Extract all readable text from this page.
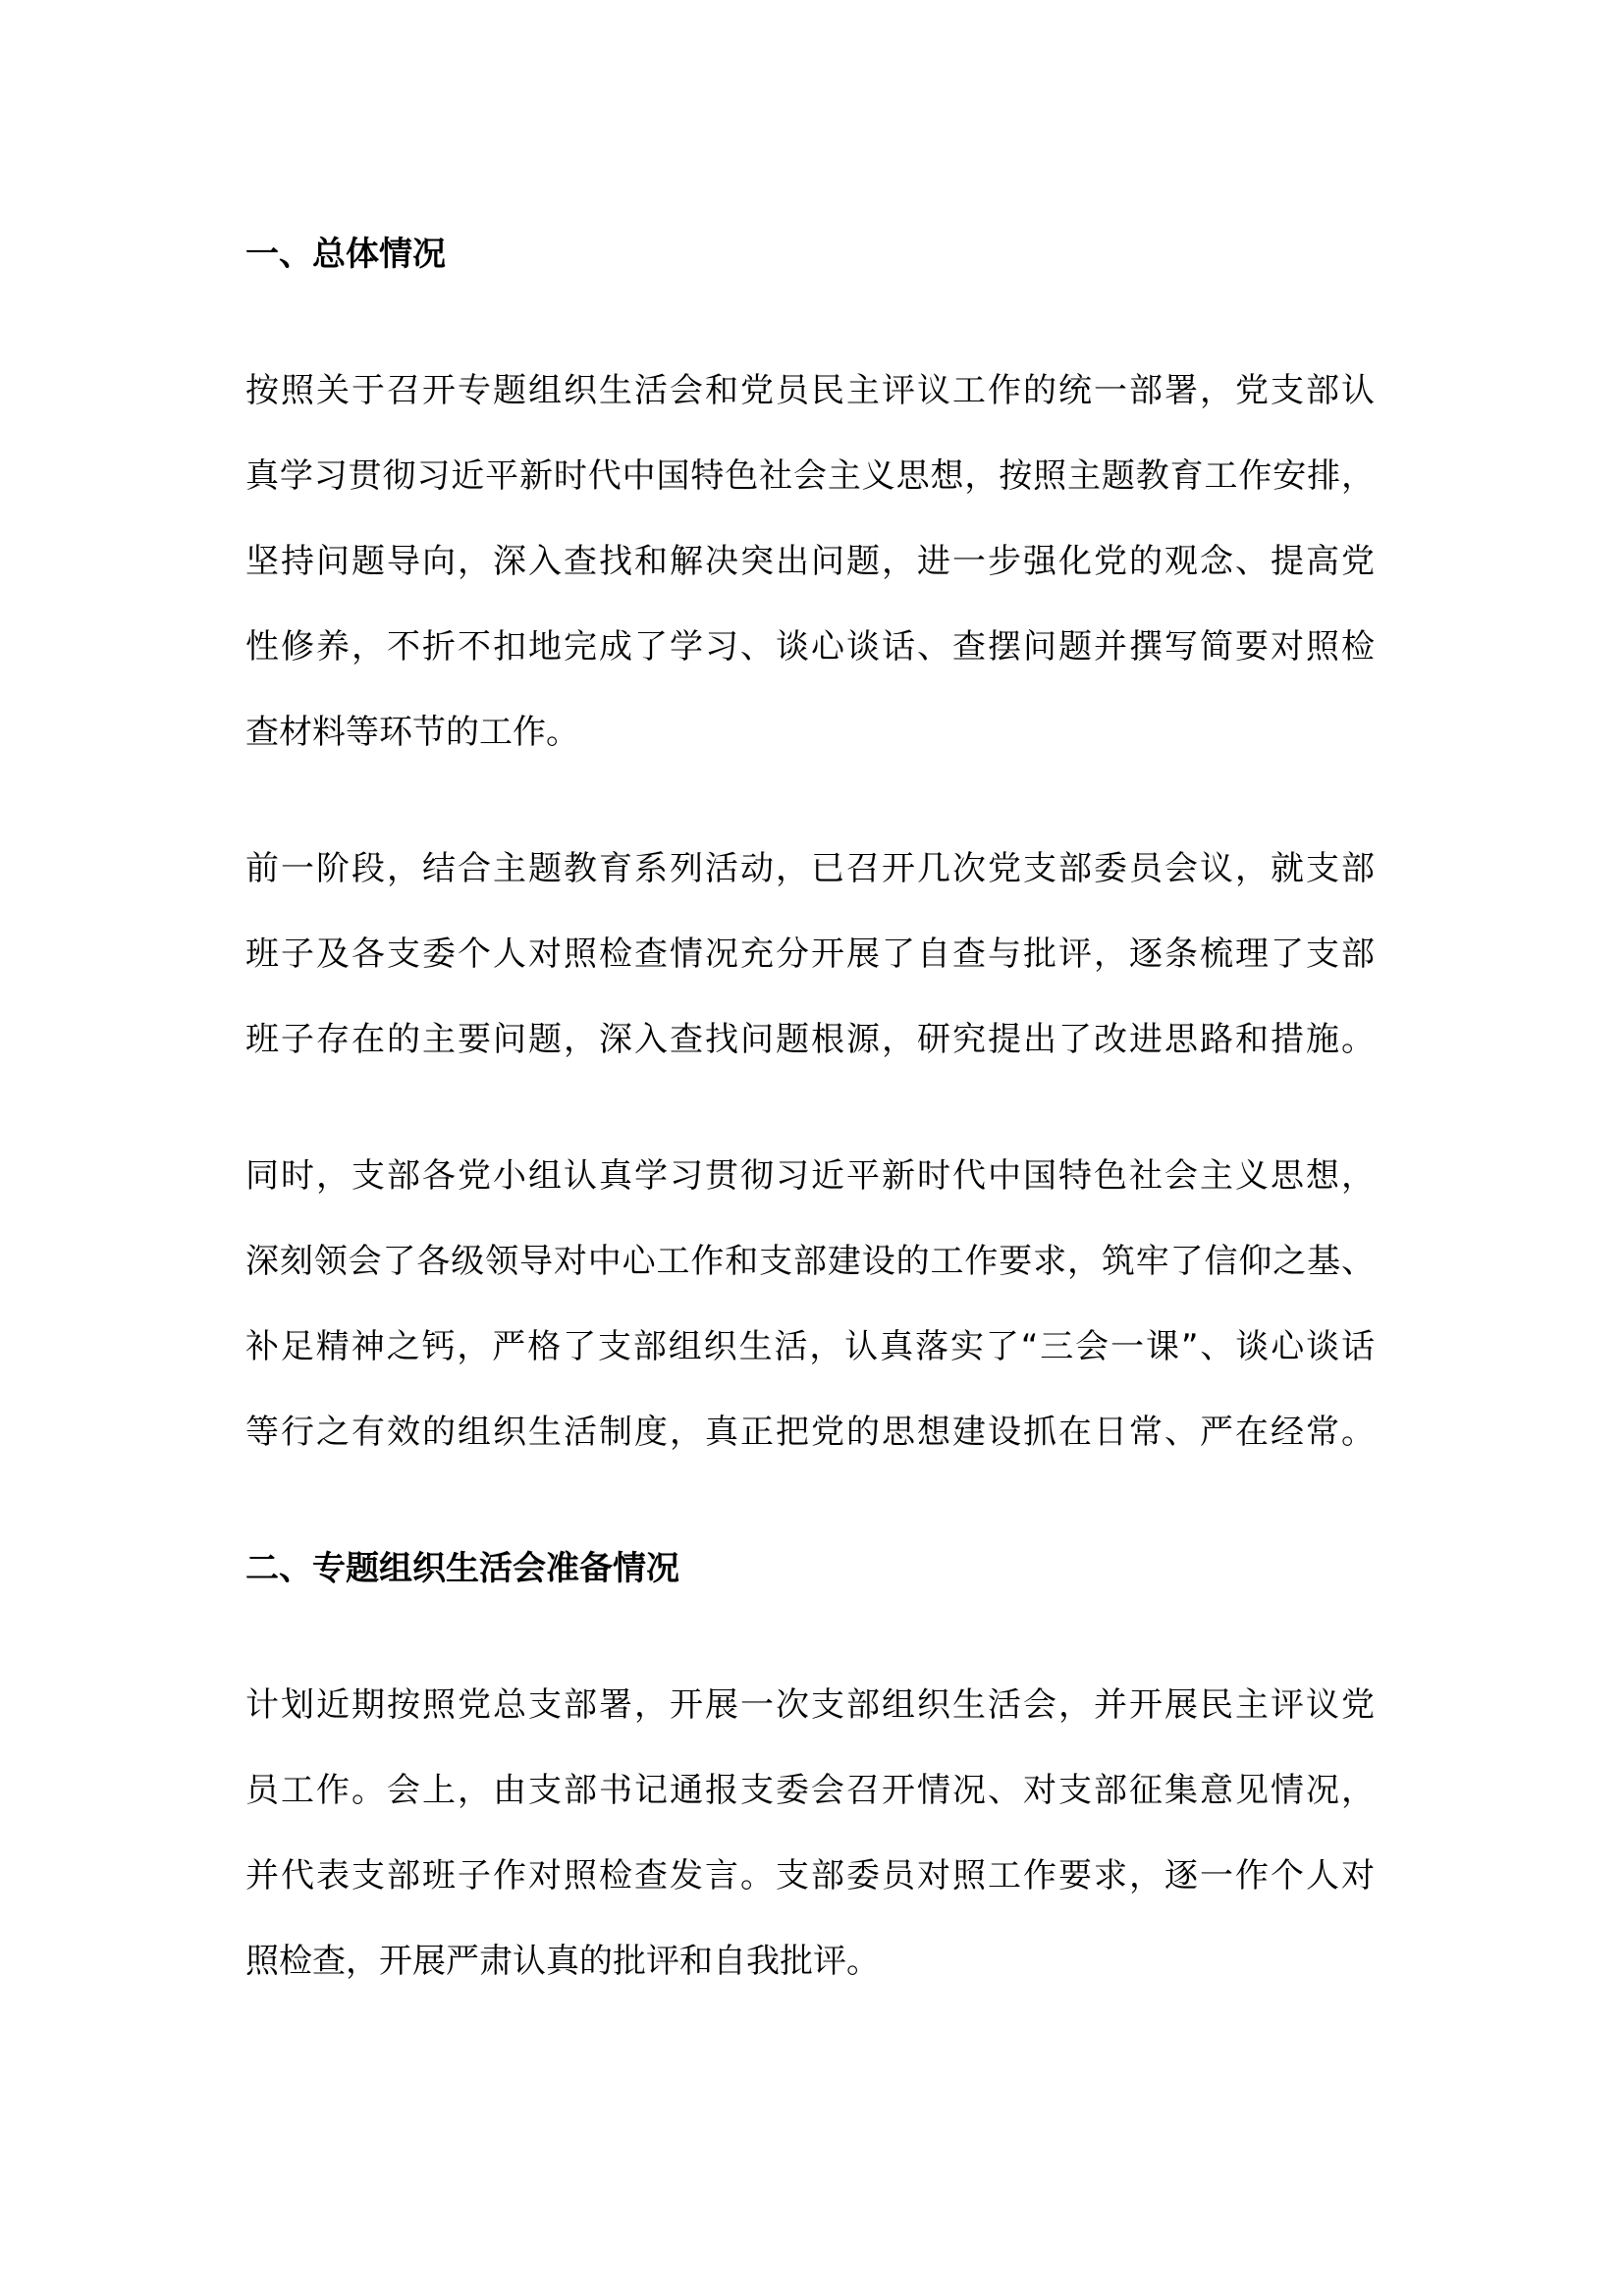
一、总体情况
按照关于召开专题组织生活会和党员民主评议工作的统一部署，党支部认
真学习贯彻习近平新时代中国特色社会主义思想，按照主题教育工作安排，
坚持问题导向，深入查找和解决突出问题，进一步强化党的观念、提高党
性修养，不折不扣地完成了学习、谈心谈话、查摆问题并撰写简要对照检
查材料等环节的工作。
前一阶段，结合主题教育系列活动，已召开几次党支部委员会议，就支部
班子及各支委个人对照检查情况充分开展了自查与批评，逐条梳理了支部
班子存在的主要问题，深入查找问题根源，研究提出了改进思路和措施。
同时，支部各党小组认真学习贯彻习近平新时代中国特色社会主义思想，
深刻领会了各级领导对中心工作和支部建设的工作要求，筑牢了信仰之基、
补足精神之钙，严格了支部组织生活，认真落实了“三会一课”、谈心谈话
等行之有效的组织生活制度，真正把党的思想建设抓在日常、严在经常。
二、专题组织生活会准备情况
计划近期按照党总支部署，开展一次支部组织生活会，并开展民主评议党
员工作。会上，由支部书记通报支委会召开情况、对支部征集意见情况，
并代表支部班子作对照检查发言。支部委员对照工作要求，逐一作个人对
照检查，开展严肃认真的批评和自我批评。
